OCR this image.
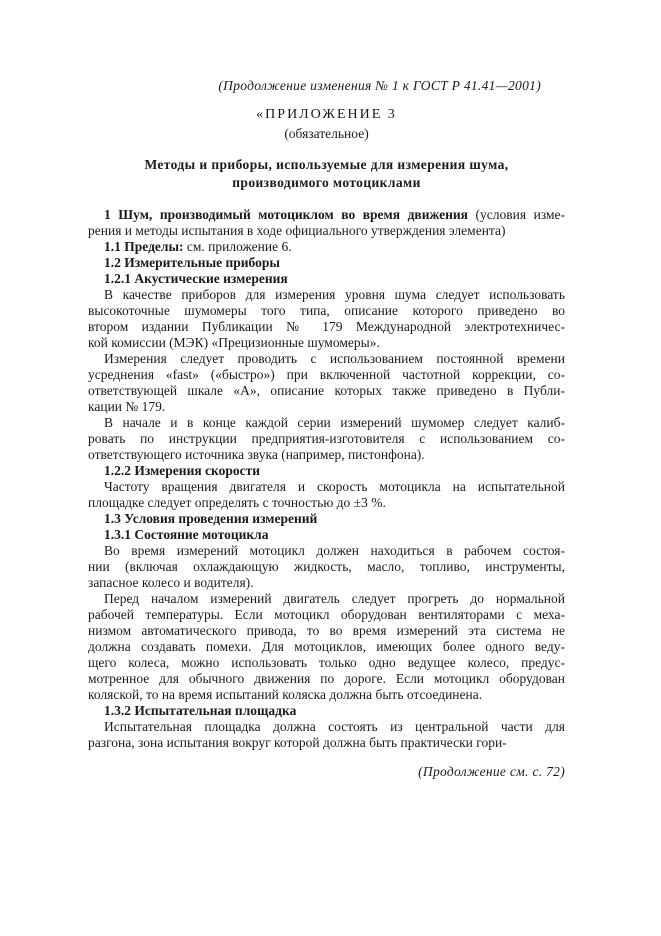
(Продолжение изменения № 1 к ГОСТ Р 41.41—2001)
«ПРИЛОЖЕНИЕ 3
(обязательное)
Методы и приборы, используемые для измерения шума,
производимого мотоциклами
1 Шум, производимый мотоциклом во время движения (условия изме-
рения и методы испытания в ходе официального утверждения элемента)
1.1 Пределы: см. приложение 6.
1.2 Измерительные приборы
1.2.1 Акустические измерения
В качестве приборов для измерения уровня шума следует использовать
высокоточные шумомеры того типа, описание которого приведено во
втором издании Публикации № 179 Международной электротехничес-
кой комиссии (МЭК) «Прецизионные шумомеры».
Измерения следует проводить с использованием постоянной времени
усреднения «fast» («быстро») при включенной частотной коррекции, со-
ответствующей шкале «А», описание которых также приведено в Публи-
кации № 179.
В начале и в конце каждой серии измерений шумомер следует калиб-
ровать по инструкции предприятия-изготовителя с использованием со-
ответствующего источника звука (например, пистонфона).
1.2.2 Измерения скорости
Частоту вращения двигателя и скорость мотоцикла на испытательной
площадке следует определять с точностью до ±3 %.
1.3 Условия проведения измерений
1.3.1 Состояние мотоцикла
Во время измерений мотоцикл должен находиться в рабочем состоя-
нии (включая охлаждающую жидкость, масло, топливо, инструменты,
запасное колесо и водителя).
Перед началом измерений двигатель следует прогреть до нормальной
рабочей температуры. Если мотоцикл оборудован вентиляторами с меха-
низмом автоматического привода, то во время измерений эта система не
должна создавать помехи. Для мотоциклов, имеющих более одного веду-
щего колеса, можно использовать только одно ведущее колесо, предус-
мотренное для обычного движения по дороге. Если мотоцикл оборудован
коляской, то на время испытаний коляска должна быть отсоединена.
1.3.2 Испытательная площадка
Испытательная площадка должна состоять из центральной части для
разгона, зона испытания вокруг которой должна быть практически гори-
(Продолжение см. с. 72)
